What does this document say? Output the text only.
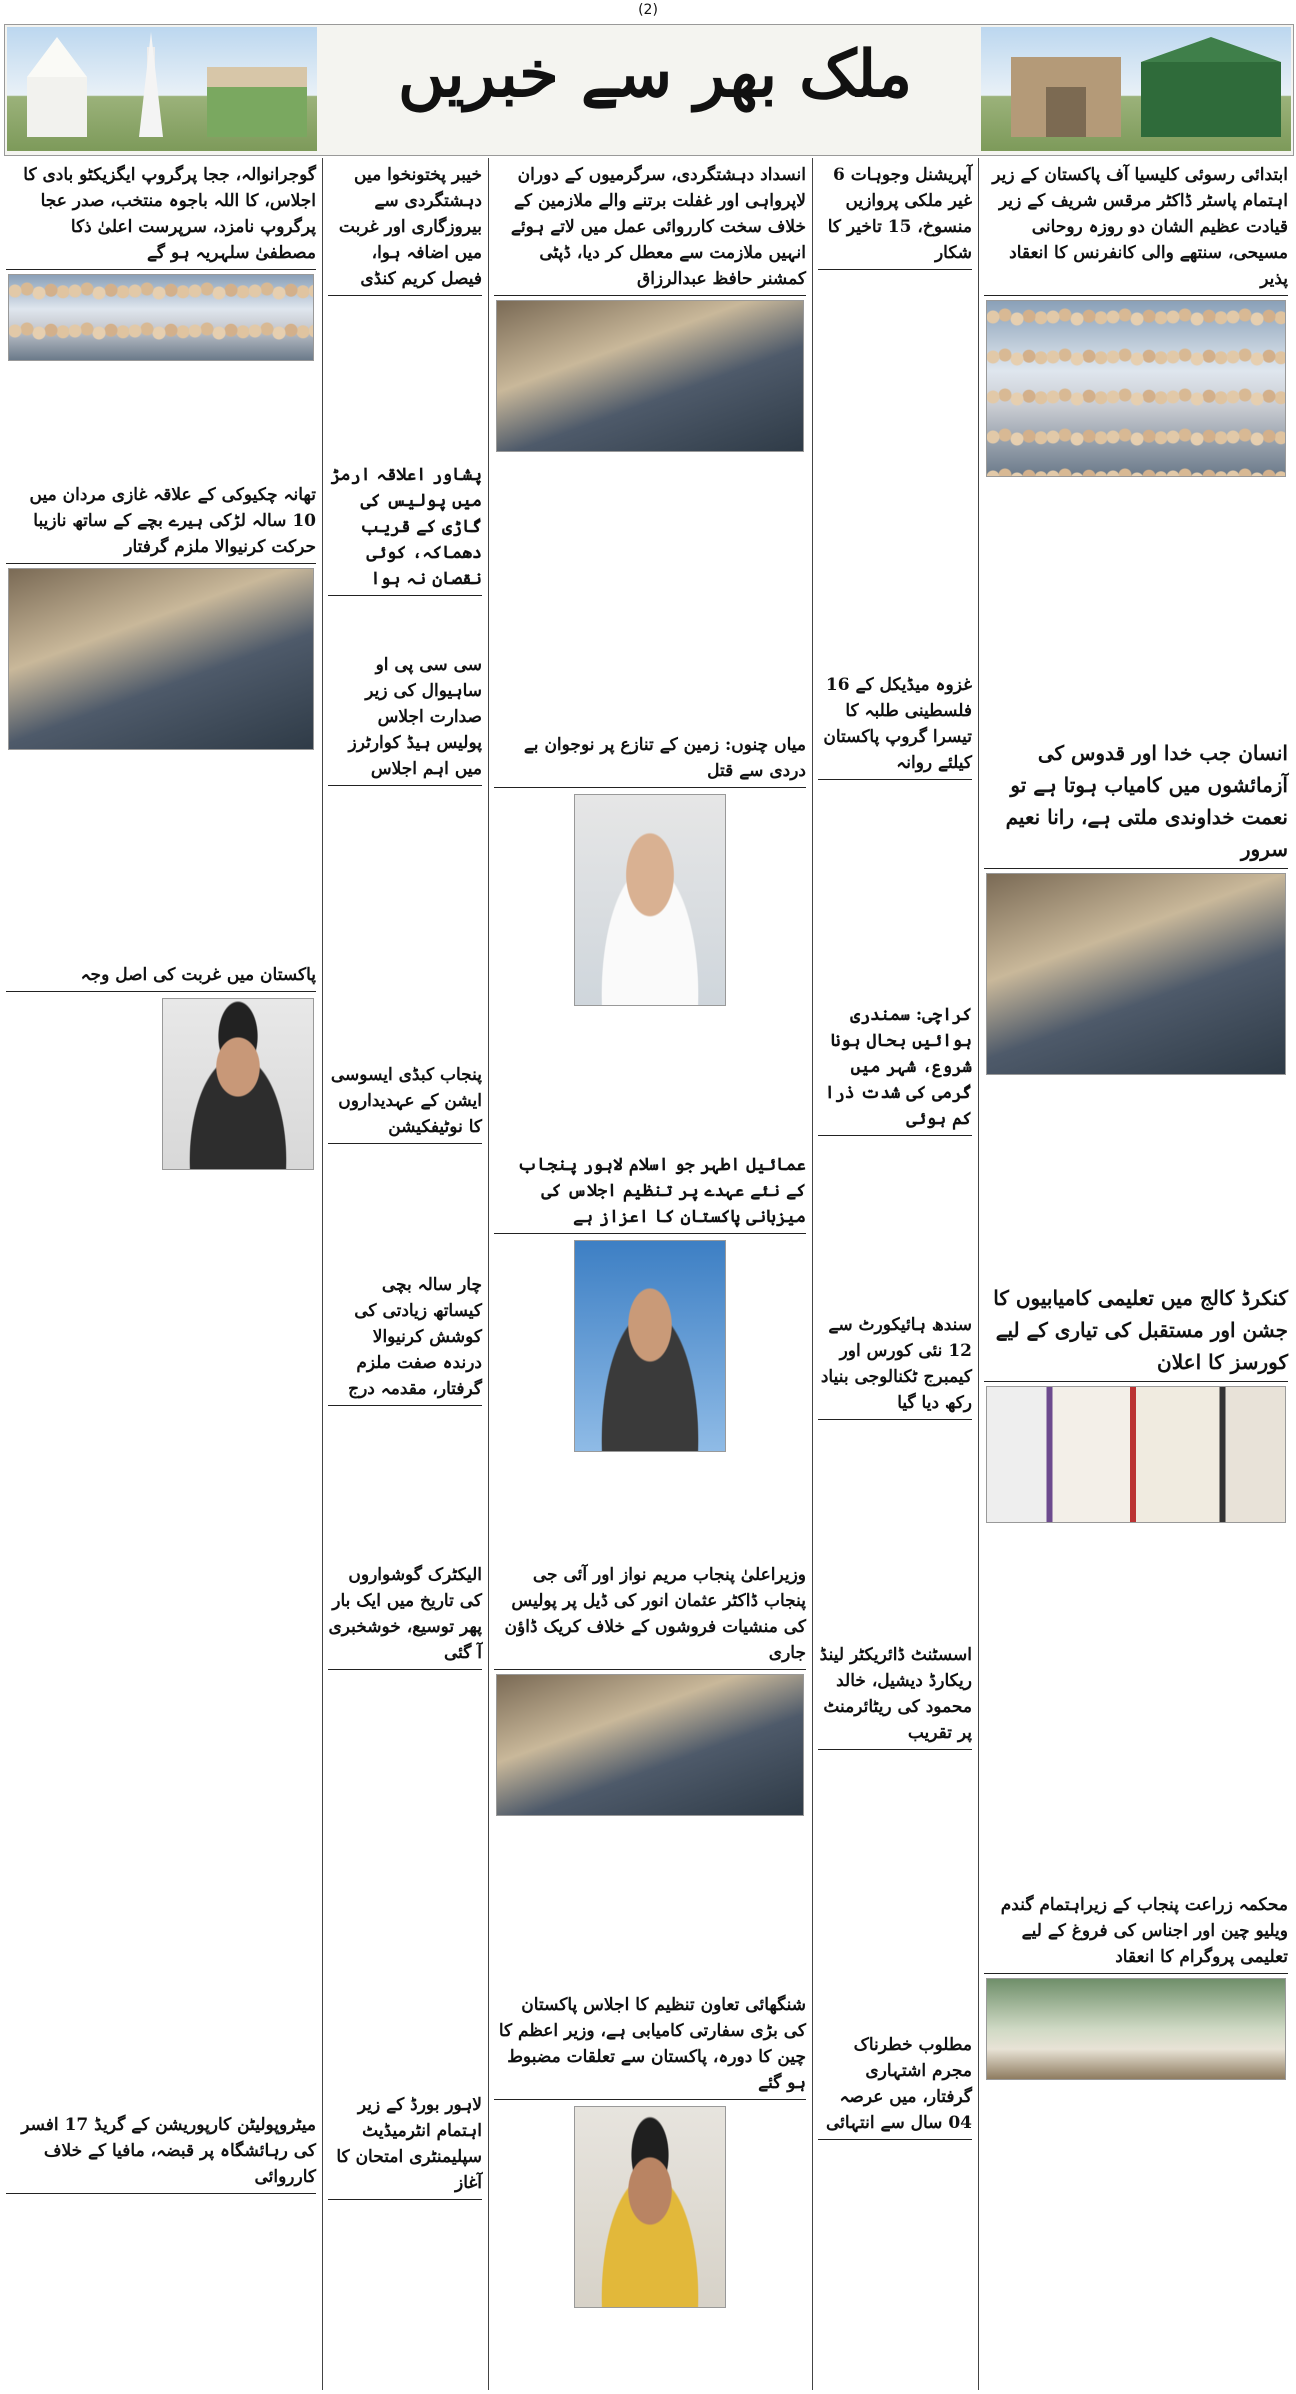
(2)
ملک بھر سے خبریں
ابتدائی رسوئی کلیسیا آف پاکستان کے زیر اہتمام پاسٹر ڈاکٹر مرقس شریف کے زیر قیادت عظیم الشان دو روزہ روحانی مسیحی، سنتھے والی کانفرنس کا انعقاد پذیر
انسان جب خدا اور قدوس کی آزمائشوں میں کامیاب ہوتا ہے تو نعمت خداوندی ملتی ہے، رانا نعیم سرور
کنکرڈ کالج میں تعلیمی کامیابیوں کا جشن اور مستقبل کی تیاری کے لیے کورسز کا اعلان
محکمہ زراعت پنجاب کے زیراہتمام گندم ویلیو چین اور اجناس کی فروغ کے لیے تعلیمی پروگرام کا انعقاد
آپریشنل وجوہات 6 غیر ملکی پروازیں منسوخ، 15 تاخیر کا شکار
غزوہ میڈیکل کے 16 فلسطینی طلبہ کا تیسرا گروپ پاکستان کیلئے روانہ
کراچی: سمندری ہوائیں بحال ہونا شروع، شہر میں گرمی کی شدت ذرا کم ہوئی
سندھ ہائیکورٹ سے 12 نئی کورس اور کیمبرج ٹکنالوجی بنیاد رکھ دیا گیا
اسسٹنٹ ڈائریکٹر لینڈ ریکارڈ دیشیل، خالد محمود کی ریٹائرمنٹ پر تقریب
مطلوب خطرناک مجرم اشتہاری گرفتار، میں عرصہ 04 سال سے انتہائی
انسداد دہشتگردی، سرگرمیوں کے دوران لاپرواہی اور غفلت برتنے والے ملازمین کے خلاف سخت کارروائی عمل میں لاتے ہوئے انہیں ملازمت سے معطل کر دیا، ڈپٹی کمشنر حافظ عبدالرزاق
میاں چنوں: زمین کے تنازع پر نوجوان بے دردی سے قتل
عمائیل اطہر جو اسلام لاہور پنجاب کے نئے عہدے پر تنظیم اجلاس کی میزبانی پاکستان کا اعزاز ہے
وزیراعلیٰ پنجاب مریم نواز اور آئی جی پنجاب ڈاکٹر عثمان انور کی ڈیل پر پولیس کی منشیات فروشوں کے خلاف کریک ڈاؤن جاری
شنگھائی تعاون تنظیم کا اجلاس پاکستان کی بڑی سفارتی کامیابی ہے، وزیر اعظم کا چین کا دورہ، پاکستان سے تعلقات مضبوط ہو گئے
خیبر پختونخوا میں دہشتگردی سے بیروزگاری اور غربت میں اضافہ ہوا، فیصل کریم کنڈی
پشاور اعلاقہ ارمڑ میں پولیس کی گاڑی کے قریب دھماکہ، کوئی نقصان نہ ہوا
سی سی پی او ساہیوال کی زیر صدارت اجلاس پولیس ہیڈ کوارٹرز میں اہم اجلاس
پنجاب کبڈی ایسوسی ایشن کے عہدیداروں کا نوٹیفکیشن
چار سالہ بچی کیساتھ زیادتی کی کوشش کرنیوالا درندہ صفت ملزم گرفتار، مقدمہ درج
الیکٹرک گوشواروں کی تاریخ میں ایک بار پھر توسیع، خوشخبری آ گئی
لاہور بورڈ کے زیر اہتمام انٹرمیڈیٹ سپلیمنٹری امتحان کا آغاز
گوجرانوالہ، ججا پرگروپ ایگزیکٹو بادی کا اجلاس، کا اللہ باجوہ منتخب، صدر عجا پرگروپ نامزد، سرپرست اعلیٰ ذکا مصطفیٰ سلہریہ ہو گے
تھانہ چکیوکی کے علاقہ غازی مردان میں 10 سالہ لڑکی ہیرے بچے کے ساتھ نازیبا حرکت کرنیوالا ملزم گرفتار
پاکستان میں غربت کی اصل وجہ
میٹروپولیٹن کارپوریشن کے گریڈ 17 افسر کی رہائشگاہ پر قبضہ، مافیا کے خلاف کارروائی
